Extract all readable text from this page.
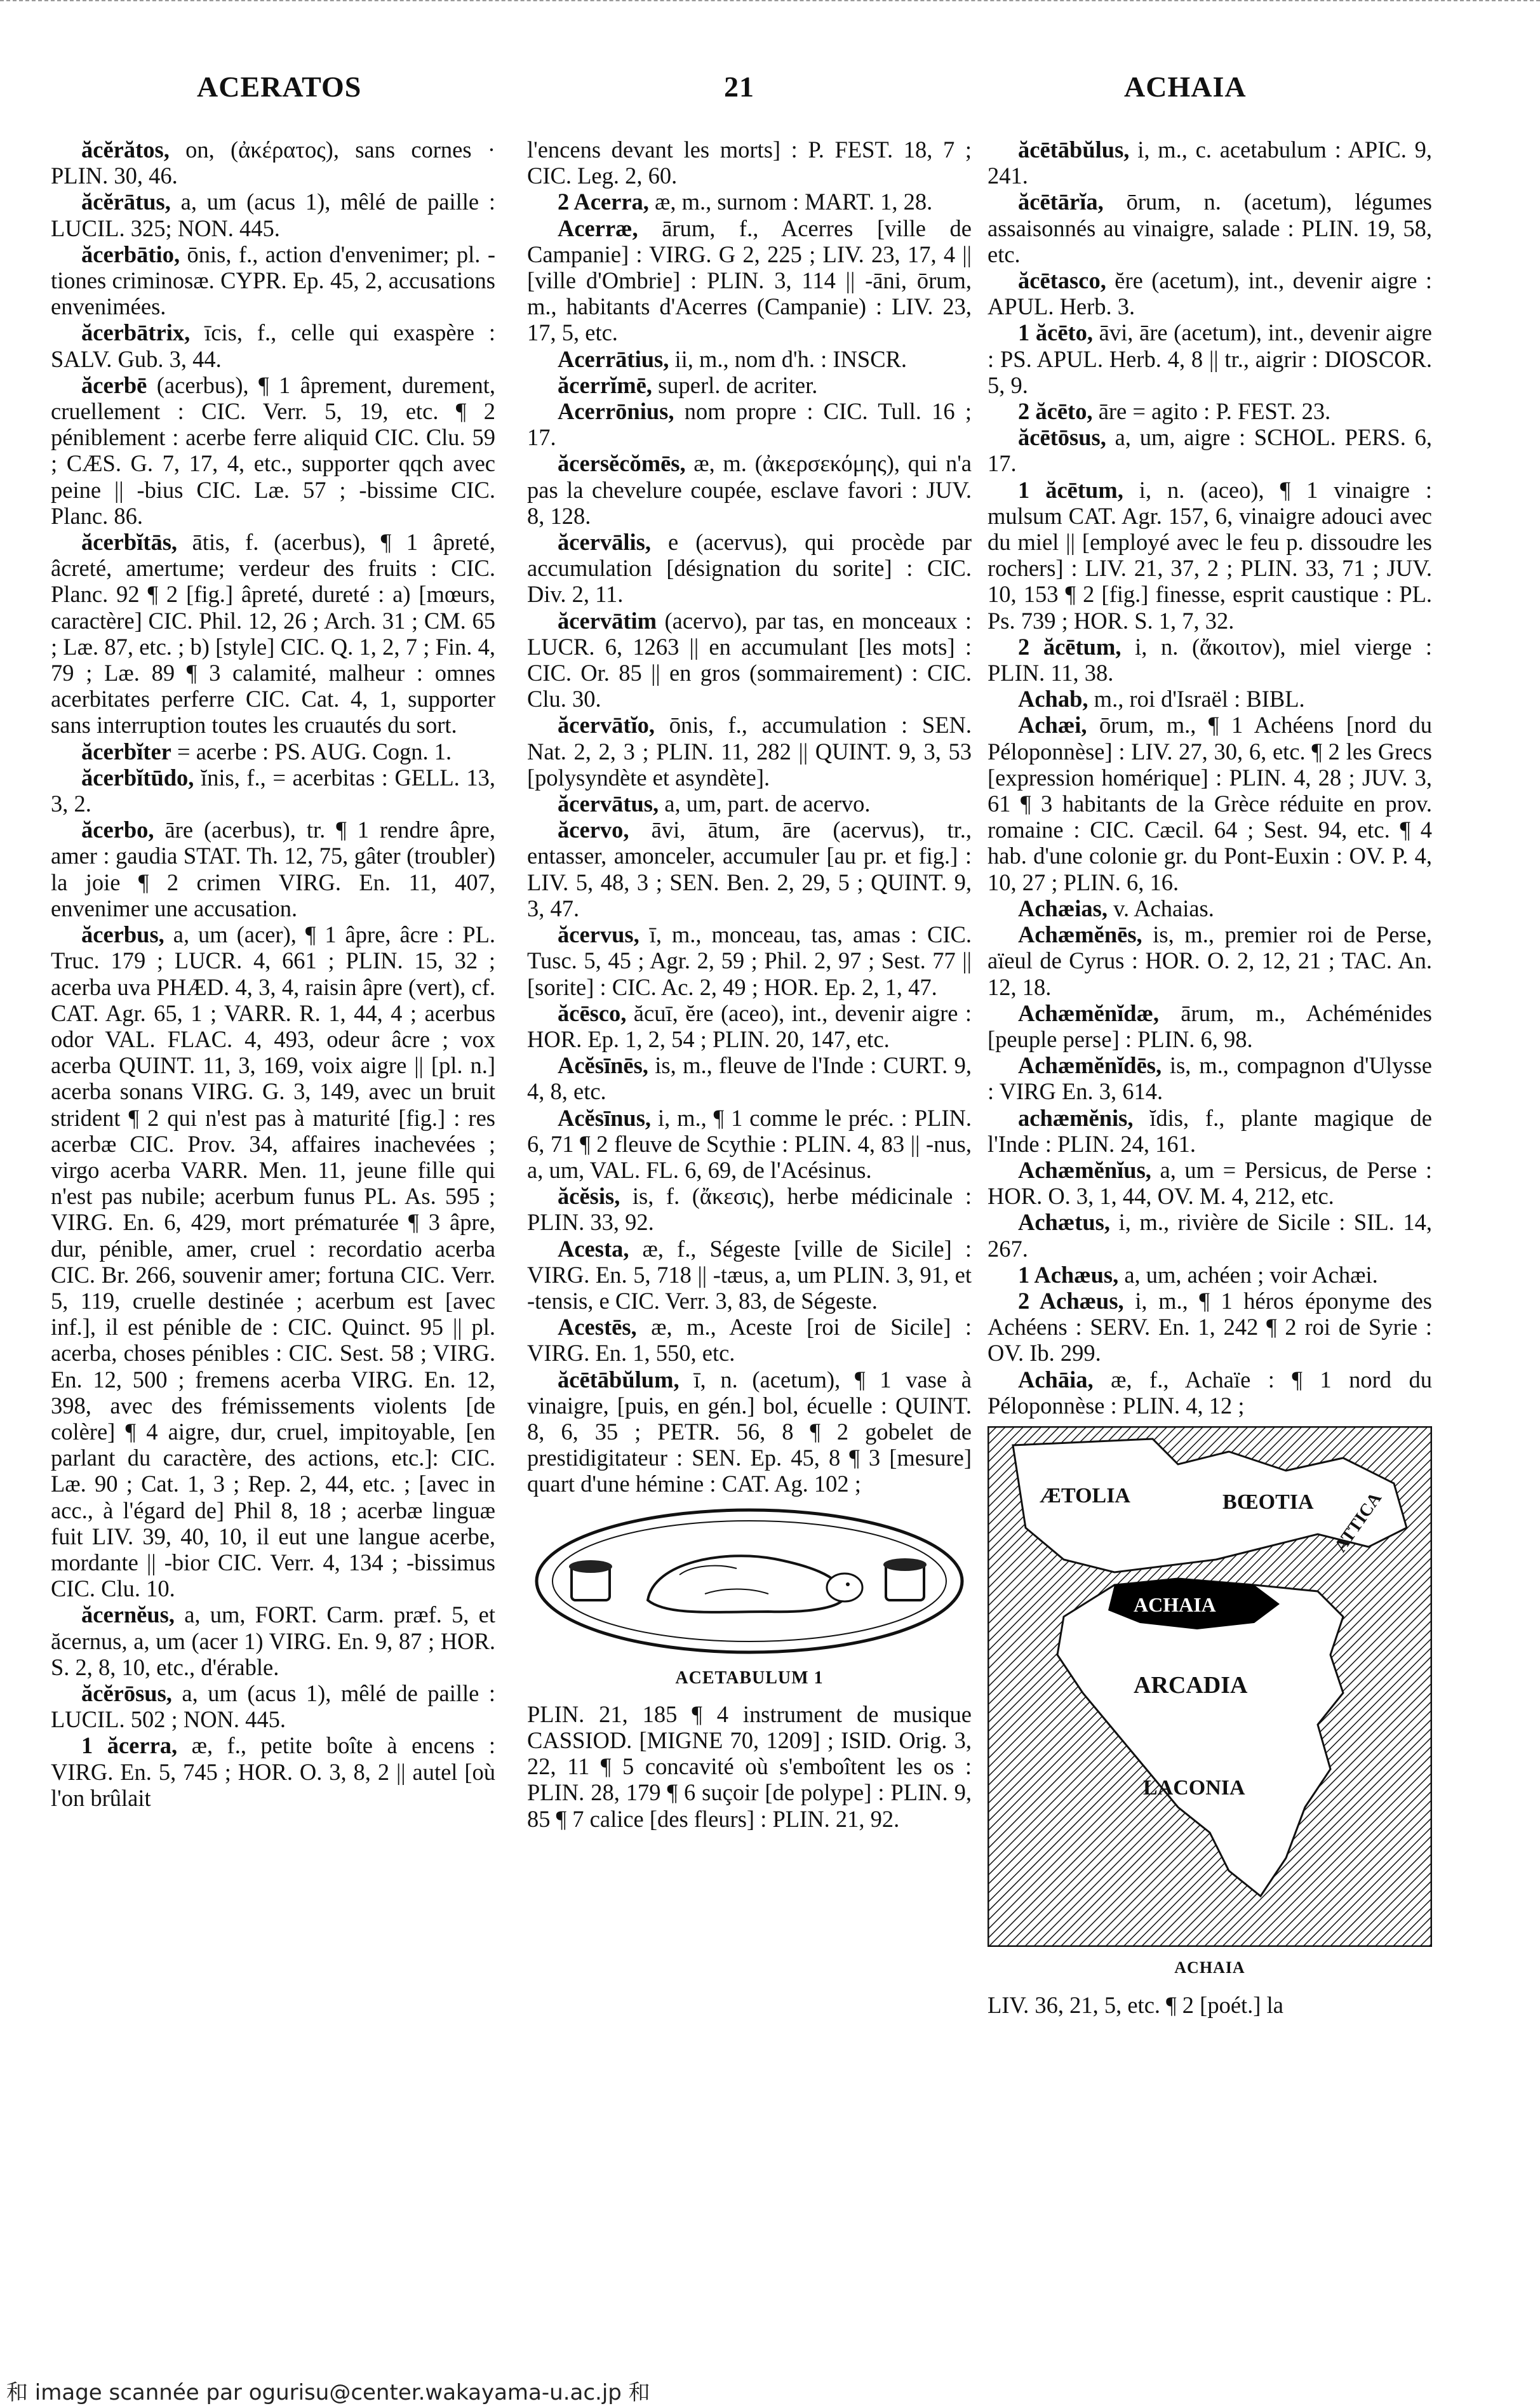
ACERATOS	21	ACHAIA

ăcĕrătos, on, (ἀκέρατος), sans cornes · PLIN. 30, 46.

ăcĕrātus, a, um (acus 1), mêlé de paille : LUCIL. 325; NON. 445.

ăcerbātio, ōnis, f., action d'envenimer; pl. -tiones criminosæ. CYPR. Ep. 45, 2, accusations envenimées.

ăcerbātrix, īcis, f., celle qui exaspère : SALV. Gub. 3, 44.

ăcerbē (acerbus), ¶ 1 âprement, durement, cruellement : CIC. Verr. 5, 19, etc. ¶ 2 péniblement : acerbe ferre aliquid CIC. Clu. 59 ; CÆS. G. 7, 17, 4, etc., supporter qqch avec peine || -bius CIC. Læ. 57 ; -bissime CIC. Planc. 86.

ăcerbĭtās, ātis, f. (acerbus), ¶ 1 âpreté, âcreté, amertume; verdeur des fruits : CIC. Planc. 92 ¶ 2 [fig.] âpreté, dureté : a) [mœurs, caractère] CIC. Phil. 12, 26 ; Arch. 31 ; CM. 65 ; Læ. 87, etc. ; b) [style] CIC. Q. 1, 2, 7 ; Fin. 4, 79 ; Læ. 89 ¶ 3 calamité, malheur : omnes acerbitates perferre CIC. Cat. 4, 1, supporter sans interruption toutes les cruautés du sort.

ăcerbĭter = acerbe : PS. AUG. Cogn. 1.

ăcerbĭtūdo, ĭnis, f., = acerbitas : GELL. 13, 3, 2.

ăcerbo, āre (acerbus), tr. ¶ 1 rendre âpre, amer : gaudia STAT. Th. 12, 75, gâter (troubler) la joie ¶ 2 crimen VIRG. En. 11, 407, envenimer une accusation.

ăcerbus, a, um (acer), ¶ 1 âpre, âcre : PL. Truc. 179 ; LUCR. 4, 661 ; PLIN. 15, 32 ; acerba uva PHÆD. 4, 3, 4, raisin âpre (vert), cf. CAT. Agr. 65, 1 ; VARR. R. 1, 44, 4 ; acerbus odor VAL. FLAC. 4, 493, odeur âcre ; vox acerba QUINT. 11, 3, 169, voix aigre || [pl. n.] acerba sonans VIRG. G. 3, 149, avec un bruit strident ¶ 2 qui n'est pas à maturité [fig.] : res acerbæ CIC. Prov. 34, affaires inachevées ; virgo acerba VARR. Men. 11, jeune fille qui n'est pas nubile; acerbum funus PL. As. 595 ; VIRG. En. 6, 429, mort prématurée ¶ 3 âpre, dur, pénible, amer, cruel : recordatio acerba CIC. Br. 266, souvenir amer; fortuna CIC. Verr. 5, 119, cruelle destinée ; acerbum est [avec inf.], il est pénible de : CIC. Quinct. 95 || pl. acerba, choses pénibles : CIC. Sest. 58 ; VIRG. En. 12, 500 ; fremens acerba VIRG. En. 12, 398, avec des frémissements violents [de colère] ¶ 4 aigre, dur, cruel, impitoyable, [en parlant du caractère, des actions, etc.]: CIC. Læ. 90 ; Cat. 1, 3 ; Rep. 2, 44, etc. ; [avec in acc., à l'égard de] Phil 8, 18 ; acerbæ linguæ fuit LIV. 39, 40, 10, il eut une langue acerbe, mordante || -bior CIC. Verr. 4, 134 ; -bissimus CIC. Clu. 10.

ăcernĕus, a, um, FORT. Carm. præf. 5, et ăcernus, a, um (acer 1) VIRG. En. 9, 87 ; HOR. S. 2, 8, 10, etc., d'érable.

ăcĕrōsus, a, um (acus 1), mêlé de paille : LUCIL. 502 ; NON. 445.

1 ăcerra, æ, f., petite boîte à encens : VIRG. En. 5, 745 ; HOR. O. 3, 8, 2 || autel [où l'on brûlait

l'encens devant les morts] : P. FEST. 18, 7 ; CIC. Leg. 2, 60.

2 Acerra, æ, m., surnom : MART. 1, 28.

Acerræ, ārum, f., Acerres [ville de Campanie] : VIRG. G 2, 225 ; LIV. 23, 17, 4 || [ville d'Ombrie] : PLIN. 3, 114 || -āni, ōrum, m., habitants d'Acerres (Campanie) : LIV. 23, 17, 5, etc.

Acerrātius, ii, m., nom d'h. : INSCR.

ăcerrĭmē, superl. de acriter.

Acerrōnius, nom propre : CIC. Tull. 16 ; 17.

ăcersĕcŏmēs, æ, m. (ἀκερσεκόμης), qui n'a pas la chevelure coupée, esclave favori : JUV. 8, 128.

ăcervālis, e (acervus), qui procède par accumulation [désignation du sorite] : CIC. Div. 2, 11.

ăcervātim (acervo), par tas, en monceaux : LUCR. 6, 1263 || en accumulant [les mots] : CIC. Or. 85 || en gros (sommairement) : CIC. Clu. 30.

ăcervātĭo, ōnis, f., accumulation : SEN. Nat. 2, 2, 3 ; PLIN. 11, 282 || QUINT. 9, 3, 53 [polysyndète et asyndète].

ăcervātus, a, um, part. de acervo.

ăcervo, āvi, ātum, āre (acervus), tr., entasser, amonceler, accumuler [au pr. et fig.] : LIV. 5, 48, 3 ; SEN. Ben. 2, 29, 5 ; QUINT. 9, 3, 47.

ăcervus, ī, m., monceau, tas, amas : CIC. Tusc. 5, 45 ; Agr. 2, 59 ; Phil. 2, 97 ; Sest. 77 || [sorite] : CIC. Ac. 2, 49 ; HOR. Ep. 2, 1, 47.

ăcēsco, ăcuī, ĕre (aceo), int., devenir aigre : HOR. Ep. 1, 2, 54 ; PLIN. 20, 147, etc.

Acĕsīnēs, is, m., fleuve de l'Inde : CURT. 9, 4, 8, etc.

Acĕsīnus, i, m., ¶ 1 comme le préc. : PLIN. 6, 71 ¶ 2 fleuve de Scythie : PLIN. 4, 83 || -nus, a, um, VAL. FL. 6, 69, de l'Acésinus.

ăcĕsis, is, f. (ἄκεσις), herbe médicinale : PLIN. 33, 92.

Acesta, æ, f., Ségeste [ville de Sicile] : VIRG. En. 5, 718 || -tæus, a, um PLIN. 3, 91, et -tensis, e CIC. Verr. 3, 83, de Ségeste.

Acestēs, æ, m., Aceste [roi de Sicile] : VIRG. En. 1, 550, etc.

ăcētābŭlum, ī, n. (acetum), ¶ 1 vase à vinaigre, [puis, en gén.] bol, écuelle : QUINT. 8, 6, 35 ; PETR. 56, 8 ¶ 2 gobelet de prestidigitateur : SEN. Ep. 45, 8 ¶ 3 [mesure] quart d'une hémine : CAT. Ag. 102 ;

ACETABULUM 1

PLIN. 21, 185 ¶ 4 instrument de musique CASSIOD. [MIGNE 70, 1209] ; ISID. Orig. 3, 22, 11 ¶ 5 concavité où s'emboîtent les os : PLIN. 28, 179 ¶ 6 suçoir [de polype] : PLIN. 9, 85 ¶ 7 calice [des fleurs] : PLIN. 21, 92.

ăcētābŭlus, i, m., c. acetabulum : APIC. 9, 241.

ăcētārĭa, ōrum, n. (acetum), légumes assaisonnés au vinaigre, salade : PLIN. 19, 58, etc.

ăcētasco, ĕre (acetum), int., devenir aigre : APUL. Herb. 3.

1 ăcēto, āvi, āre (acetum), int., devenir aigre : PS. APUL. Herb. 4, 8 || tr., aigrir : DIOSCOR. 5, 9.

2 ăcēto, āre = agito : P. FEST. 23.

ăcētōsus, a, um, aigre : SCHOL. PERS. 6, 17.

1 ăcētum, i, n. (aceo), ¶ 1 vinaigre : mulsum CAT. Agr. 157, 6, vinaigre adouci avec du miel || [employé avec le feu p. dissoudre les rochers] : LIV. 21, 37, 2 ; PLIN. 33, 71 ; JUV. 10, 153 ¶ 2 [fig.] finesse, esprit caustique : PL. Ps. 739 ; HOR. S. 1, 7, 32.

2 ăcētum, i, n. (ἄκοιτον), miel vierge : PLIN. 11, 38.

Achab, m., roi d'Israël : BIBL.

Achæi, ōrum, m., ¶ 1 Achéens [nord du Péloponnèse] : LIV. 27, 30, 6, etc. ¶ 2 les Grecs [expression homérique] : PLIN. 4, 28 ; JUV. 3, 61 ¶ 3 habitants de la Grèce réduite en prov. romaine : CIC. Cæcil. 64 ; Sest. 94, etc. ¶ 4 hab. d'une colonie gr. du Pont-Euxin : OV. P. 4, 10, 27 ; PLIN. 6, 16.

Achæias, v. Achaias.

Achæmĕnēs, is, m., premier roi de Perse, aïeul de Cyrus : HOR. O. 2, 12, 21 ; TAC. An. 12, 18.

Achæmĕnĭdæ, ārum, m., Achéménides [peuple perse] : PLIN. 6, 98.

Achæmĕnĭdēs, is, m., compagnon d'Ulysse : VIRG En. 3, 614.

achæmĕnis, ĭdis, f., plante magique de l'Inde : PLIN. 24, 161.

Achæmĕnĭus, a, um = Persicus, de Perse : HOR. O. 3, 1, 44, OV. M. 4, 212, etc.

Achætus, i, m., rivière de Sicile : SIL. 14, 267.

1 Achæus, a, um, achéen ; voir Achæi.

2 Achæus, i, m., ¶ 1 héros éponyme des Achéens : SERV. En. 1, 242 ¶ 2 roi de Syrie : OV. Ib. 299.

Achāia, æ, f., Achaïe : ¶ 1 nord du Péloponnèse : PLIN. 4, 12 ;

ÆTOLIA	BŒOTIA ATTICA
ACHAIA
ARCADIA
LACONIA
ACHAIA

LIV. 36, 21, 5, etc. ¶ 2 [poét.] la

和 image scannée par ogurisu@center.wakayama-u.ac.jp 和
